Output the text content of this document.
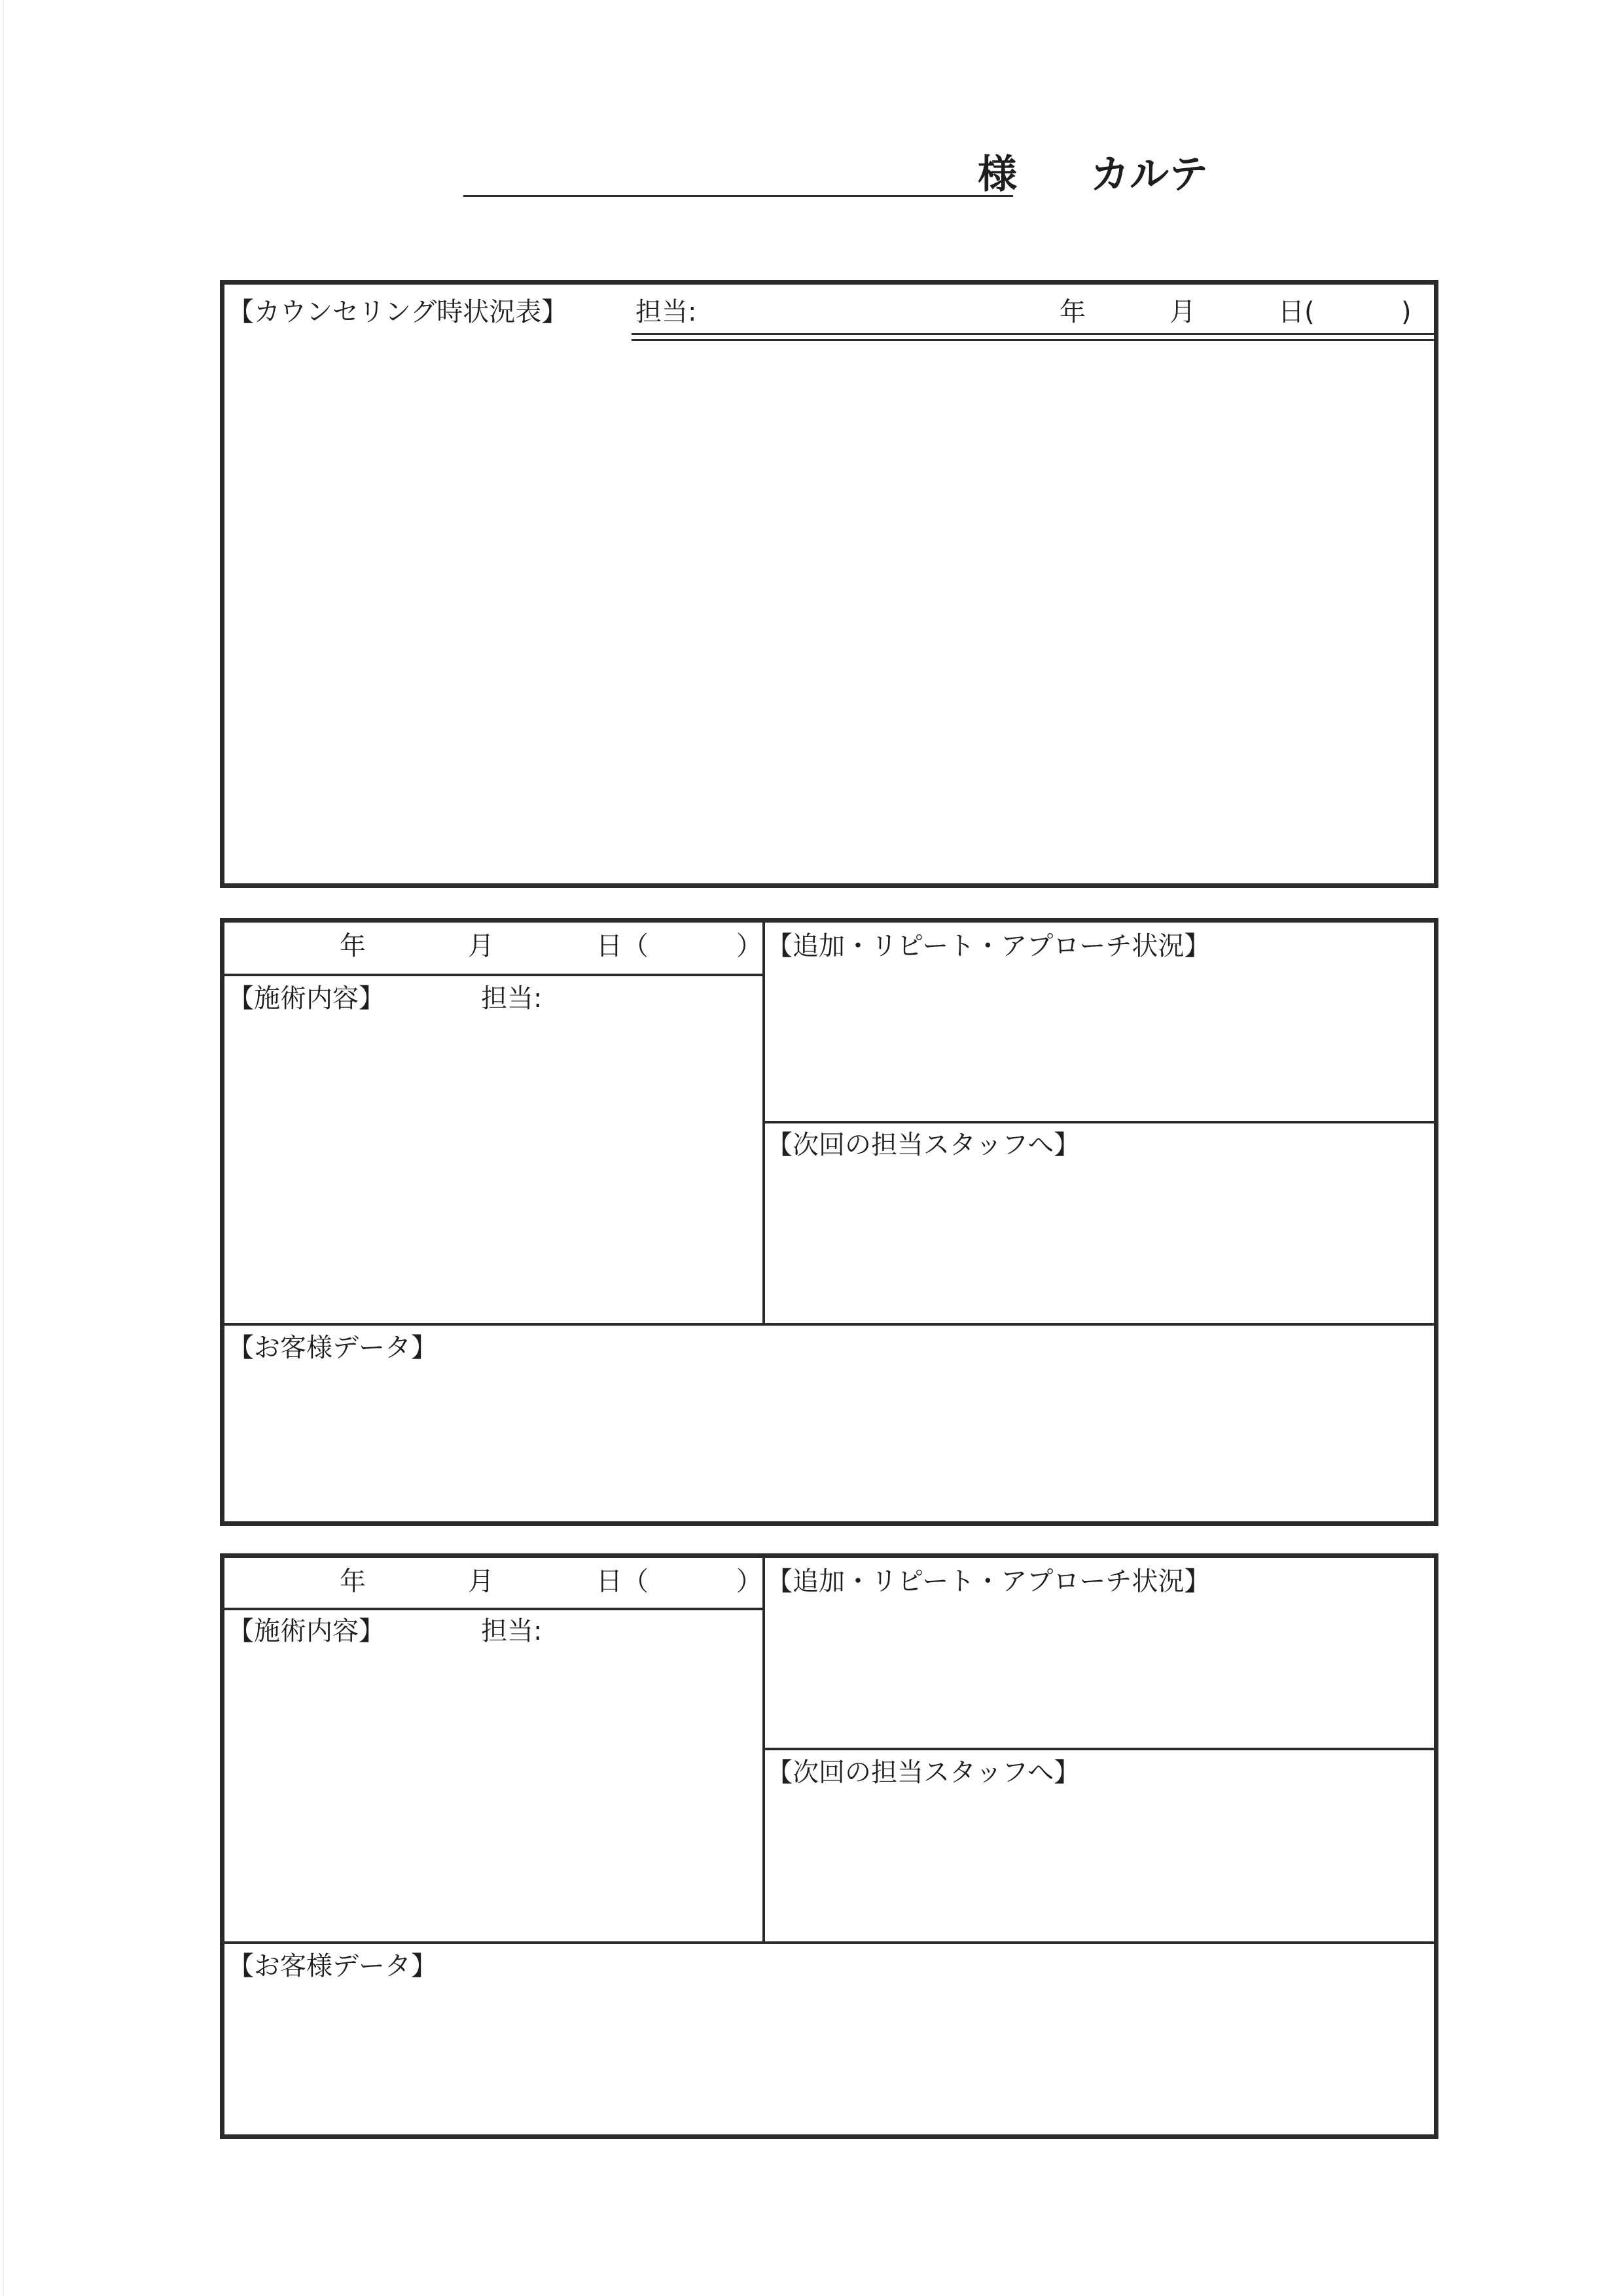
様 カルテ
【カウンセリング時状況表】	担当:	年	月	日(	)
年	月	日（	）
【施術内容】	担当:
【追加・リピート・アプローチ状況】
【次回の担当スタッフへ】
【お客様データ】
年	月	日（	）
【施術内容】	担当:
【追加・リピート・アプローチ状況】
【次回の担当スタッフへ】
【お客様データ】
